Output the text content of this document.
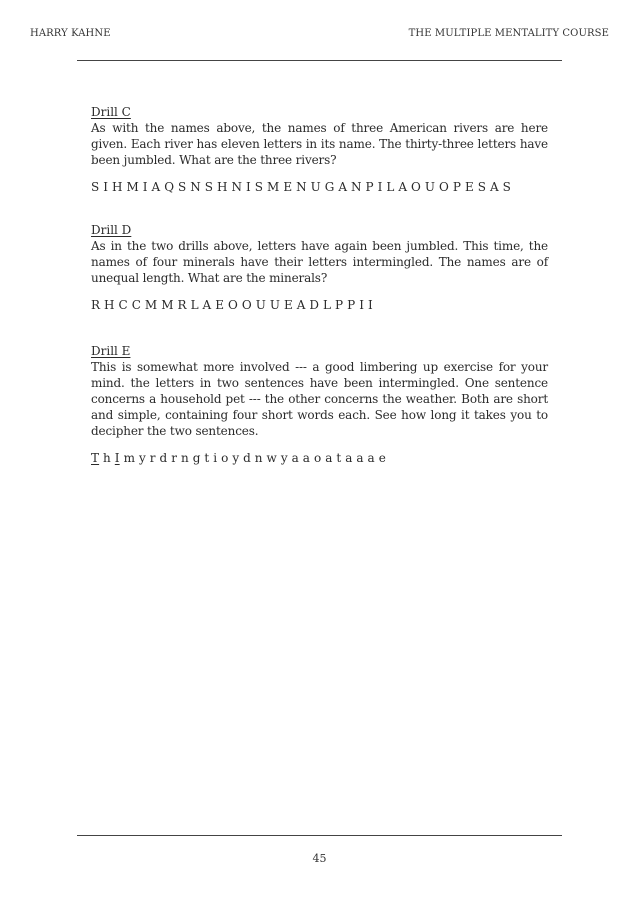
HARRY KAHNE	THE MULTIPLE MENTALITY COURSE

Drill C

As with the names above, the names of three American rivers are here given. Each river has eleven letters in its name. The thirty-three letters have been jumbled. What are the three rivers?

S I H M I A Q S N S H N I S M E N U G A N P I L A O U O P E S A S

Drill D

As in the two drills above, letters have again been jumbled. This time, the names of four minerals have their letters intermingled. The names are of unequal length. What are the minerals?

R H C C M M R L A E O O U U E A D L P P I I

Drill E

This is somewhat more involved --- a good limbering up exercise for your mind. the letters in two sentences have been intermingled. One sentence concerns a household pet --- the other concerns the weather. Both are short and simple, containing four short words each. See how long it takes you to decipher the two sentences.

T h I m y r d r n g t i o y d n w y a a o a t a a a e

45
